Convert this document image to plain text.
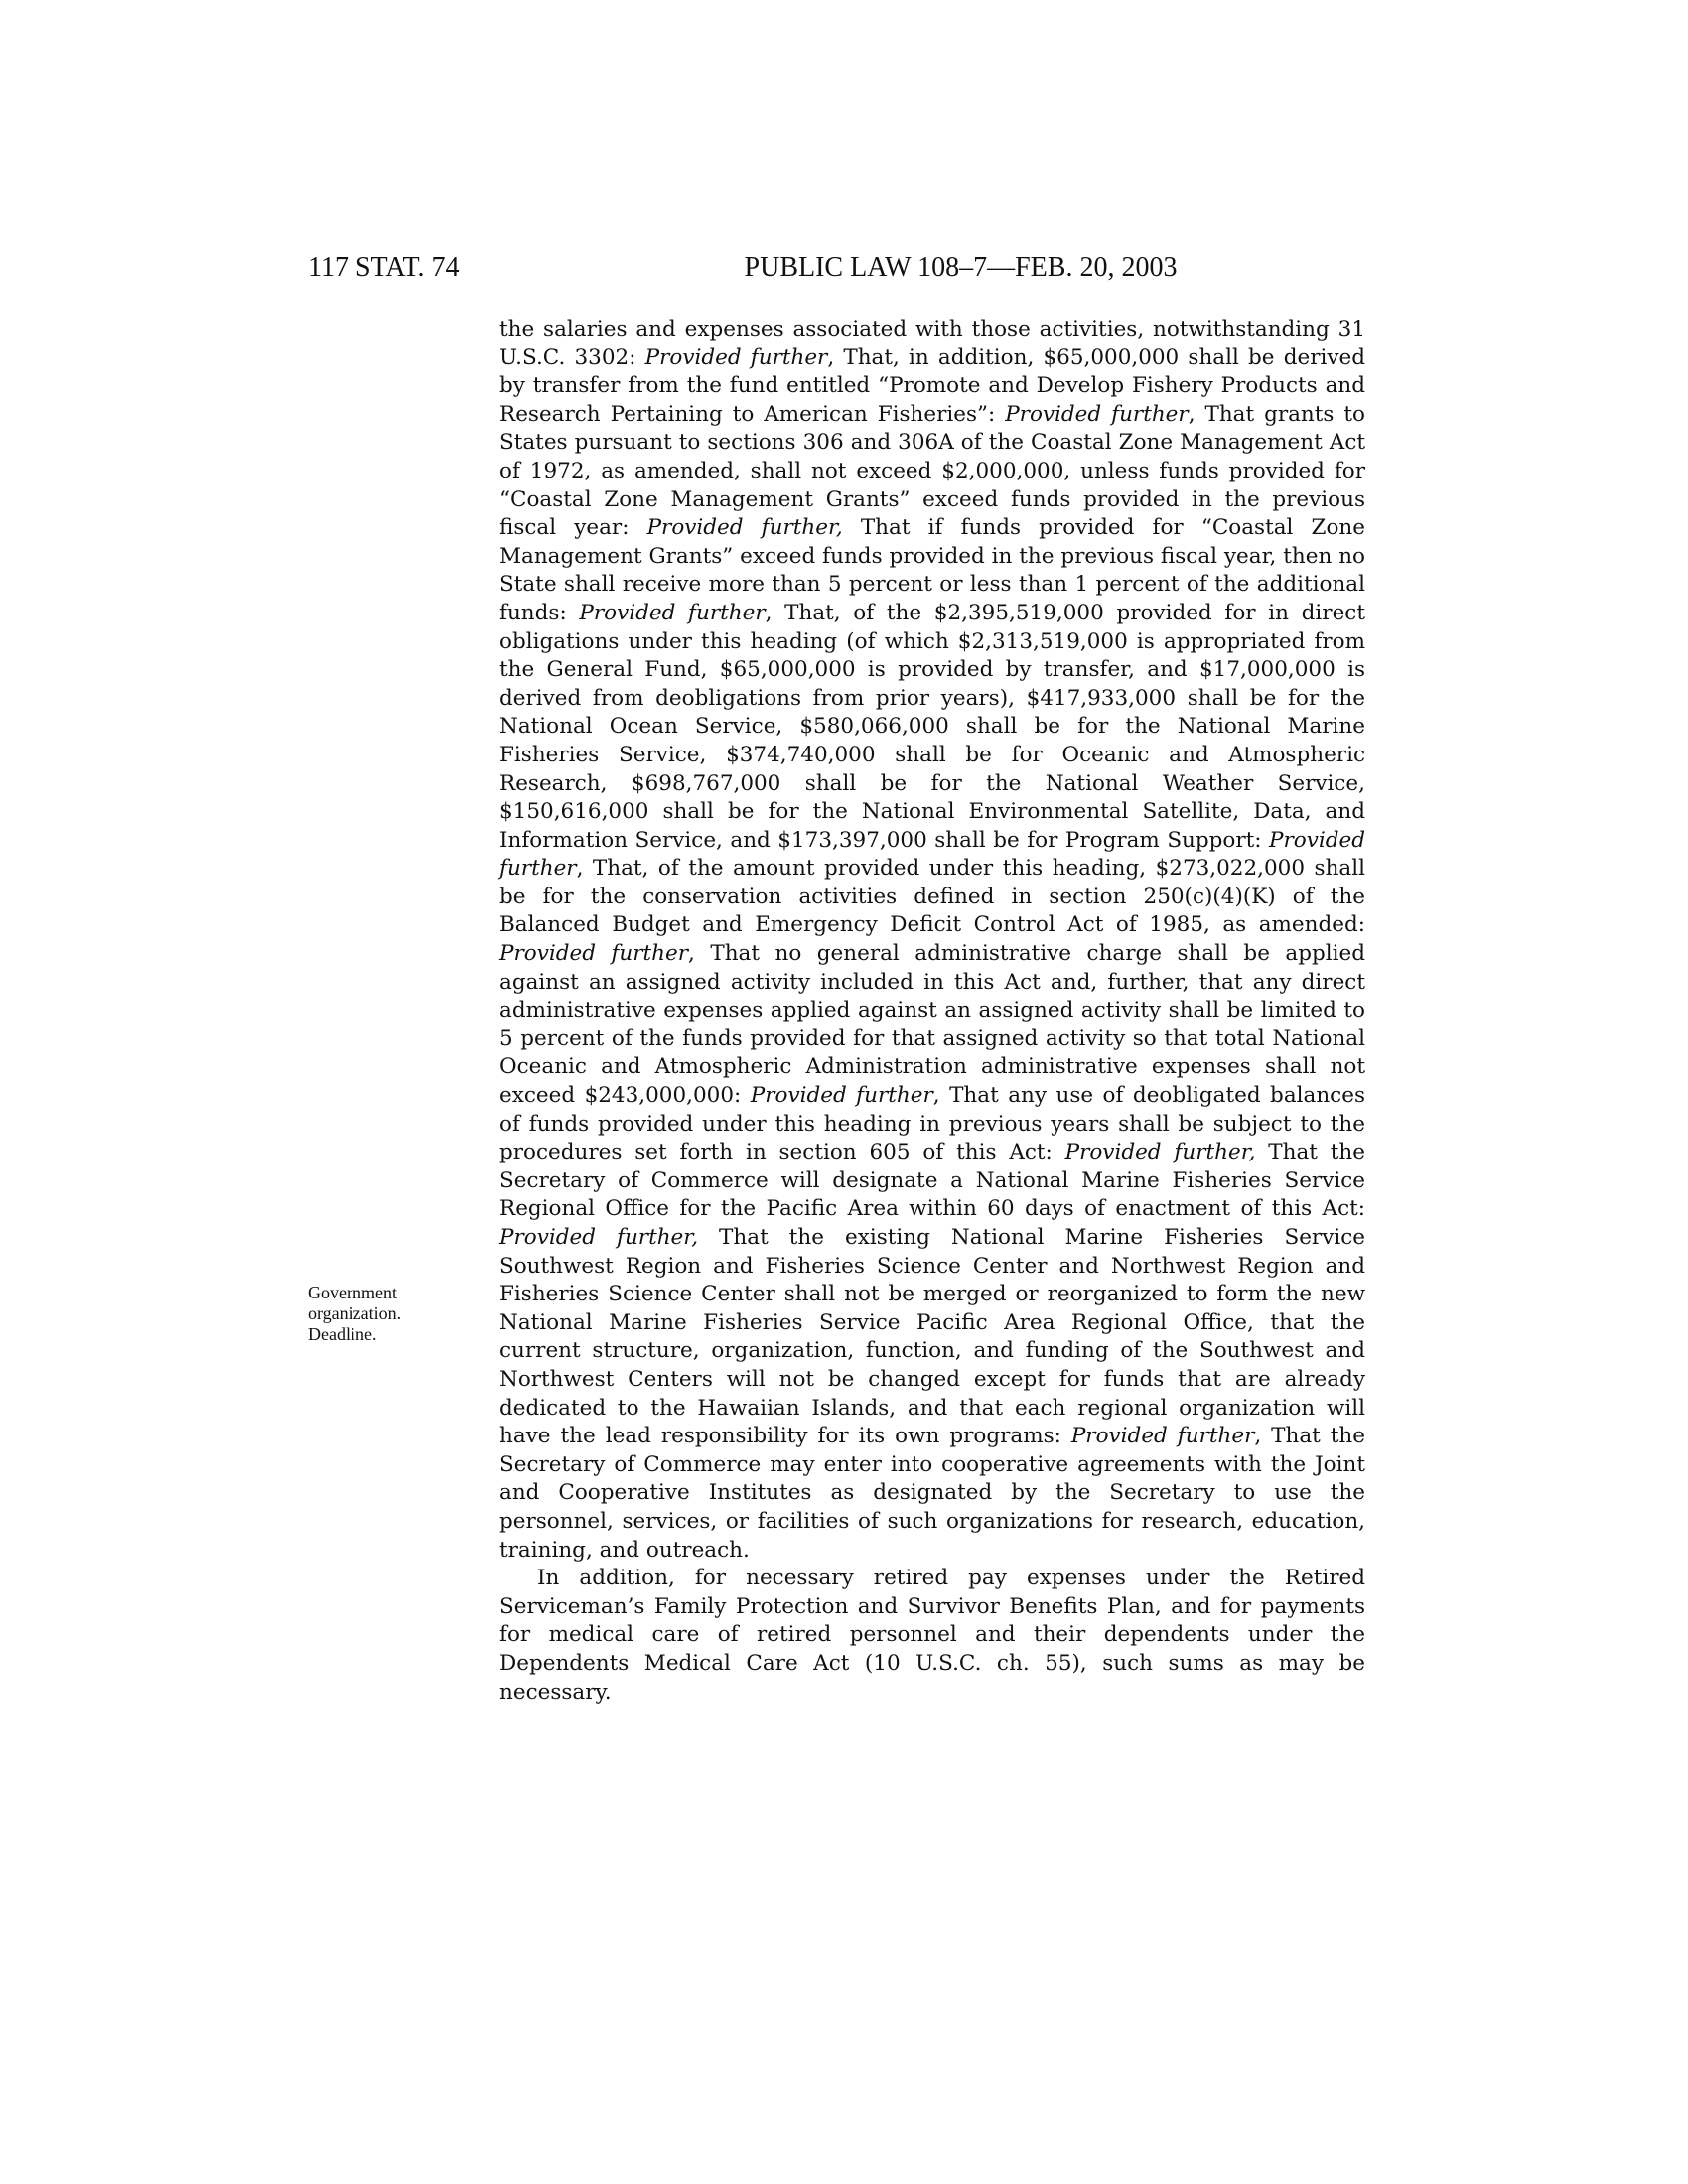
117 STAT. 74	PUBLIC LAW 108–7—FEB. 20, 2003
Government
organization.
Deadline.

the salaries and expenses associated with those activities, notwithstanding 31 U.S.C. 3302: Provided further, That, in addition, $65,000,000 shall be derived by transfer from the fund entitled “Promote and Develop Fishery Products and Research Pertaining to American Fisheries”: Provided further, That grants to States pursuant to sections 306 and 306A of the Coastal Zone Management Act of 1972, as amended, shall not exceed $2,000,000, unless funds provided for “Coastal Zone Management Grants” exceed funds provided in the previous fiscal year: Provided further, That if funds provided for “Coastal Zone Management Grants” exceed funds provided in the previous fiscal year, then no State shall receive more than 5 percent or less than 1 percent of the additional funds: Provided further, That, of the $2,395,519,000 provided for in direct obligations under this heading (of which $2,313,519,000 is appropriated from the General Fund, $65,000,000 is provided by transfer, and $17,000,000 is derived from deobligations from prior years), $417,933,000 shall be for the National Ocean Service, $580,066,000 shall be for the National Marine Fisheries Service, $374,740,000 shall be for Oceanic and Atmospheric Research, $698,767,000 shall be for the National Weather Service, $150,616,000 shall be for the National Environmental Satellite, Data, and Information Service, and $173,397,000 shall be for Program Support: Provided further, That, of the amount provided under this heading, $273,022,000 shall be for the conservation activities defined in section 250(c)(4)(K) of the Balanced Budget and Emergency Deficit Control Act of 1985, as amended: Provided further, That no general administrative charge shall be applied against an assigned activity included in this Act and, further, that any direct administrative expenses applied against an assigned activity shall be limited to 5 percent of the funds provided for that assigned activity so that total National Oceanic and Atmospheric Administration administrative expenses shall not exceed $243,000,000: Provided further, That any use of deobligated balances of funds provided under this heading in previous years shall be subject to the procedures set forth in section 605 of this Act: Provided further, That the Secretary of Commerce will designate a National Marine Fisheries Service Regional Office for the Pacific Area within 60 days of enactment of this Act: Provided further, That the existing National Marine Fisheries Service Southwest Region and Fisheries Science Center and Northwest Region and Fisheries Science Center shall not be merged or reorganized to form the new National Marine Fisheries Service Pacific Area Regional Office, that the current structure, organization, function, and funding of the Southwest and Northwest Centers will not be changed except for funds that are already dedicated to the Hawaiian Islands, and that each regional organization will have the lead responsibility for its own programs: Provided further, That the Secretary of Commerce may enter into cooperative agreements with the Joint and Cooperative Institutes as designated by the Secretary to use the personnel, services, or facilities of such organizations for research, education, training, and outreach.

In addition, for necessary retired pay expenses under the Retired Serviceman’s Family Protection and Survivor Benefits Plan, and for payments for medical care of retired personnel and their dependents under the Dependents Medical Care Act (10 U.S.C. ch. 55), such sums as may be necessary.
